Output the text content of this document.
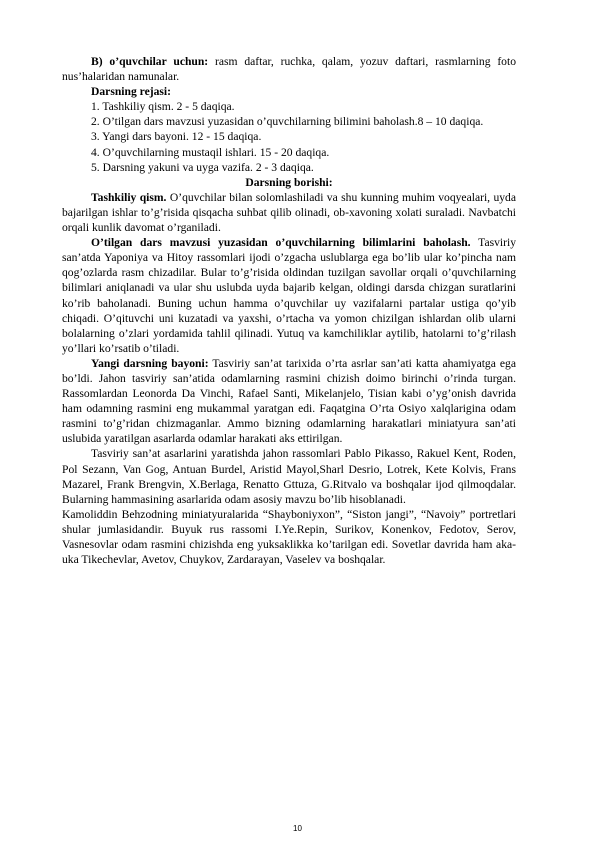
B) o’quvchilar uchun: rasm daftar, ruchka, qalam, yozuv daftari, rasmlarning foto nus’halaridan namunalar.

Darsning rejasi:

1. Tashkiliy qism. 2 - 5 daqiqa.

2. O’tilgan dars mavzusi yuzasidan o’quvchilarning bilimini baholash.8 – 10 daqiqa.

3. Yangi dars bayoni. 12 - 15 daqiqa.

4. O’quvchilarning mustaqil ishlari. 15 - 20 daqiqa.

5. Darsning yakuni va uyga vazifa. 2 - 3 daqiqa.

Darsning borishi:

Tashkiliy qism. O’quvchilar bilan solomlashiladi va shu kunning muhim voqyealari, uyda bajarilgan ishlar to’g’risida qisqacha suhbat qilib olinadi, ob-xavoning xolati suraladi. Navbatchi orqali kunlik davomat o’rganiladi.

O’tilgan dars mavzusi yuzasidan o’quvchilarning bilimlarini baholash. Tasviriy san’atda Yaponiya va Hitoy rassomlari ijodi o’zgacha uslublarga ega bo’lib ular ko’pincha nam qog’ozlarda rasm chizadilar. Bular to’g’risida oldindan tuzilgan savollar orqali o’quvchilarning bilimlari aniqlanadi va ular shu uslubda uyda bajarib kelgan, oldingi darsda chizgan suratlarini ko’rib baholanadi. Buning uchun hamma o’quvchilar uy vazifalarni partalar ustiga qo’yib chiqadi. O’qituvchi uni kuzatadi va yaxshi, o’rtacha va yomon chizilgan ishlardan olib ularni bolalarning o’zlari yordamida tahlil qilinadi. Yutuq va kamchiliklar aytilib, hatolarni to’g’rilash yo’llari ko’rsatib o’tiladi.

Yangi darsning bayoni: Tasviriy san’at tarixida o’rta asrlar san’ati katta ahamiyatga ega bo’ldi. Jahon tasviriy san’atida odamlarning rasmini chizish doimo birinchi o’rinda turgan. Rassomlardan Leonorda Da Vinchi, Rafael Santi, Mikelanjelo, Tisian kabi o’yg’onish davrida ham odamning rasmini eng mukammal yaratgan edi. Faqatgina O’rta Osiyo xalqlarigina odam rasmini to’g’ridan chizmaganlar. Ammo bizning odamlarning harakatlari miniatyura san’ati uslubida yaratilgan asarlarda odamlar harakati aks ettirilgan.

Tasviriy san’at asarlarini yaratishda jahon rassomlari Pablo Pikasso, Rakuel Kent, Roden, Pol Sezann, Van Gog, Antuan Burdel, Aristid Mayol,Sharl Desrio, Lotrek, Kete Kolvis, Frans Mazarel, Frank Brengvin, X.Berlaga, Renatto Gttuza, G.Ritvalo va boshqalar ijod qilmoqdalar. Bularning hammasining asarlarida odam asosiy mavzu bo’lib hisoblanadi.

Kamoliddin Behzodning miniatyuralarida “Shayboniyxon”, “Siston jangi”, “Navoiy” portretlari shular jumlasidandir. Buyuk rus rassomi I.Ye.Repin, Surikov, Konenkov, Fedotov, Serov, Vasnesovlar odam rasmini chizishda eng yuksaklikka ko’tarilgan edi. Sovetlar davrida ham aka-uka Tikechevlar, Avetov, Chuykov, Zardarayan, Vaselev va boshqalar.

10
